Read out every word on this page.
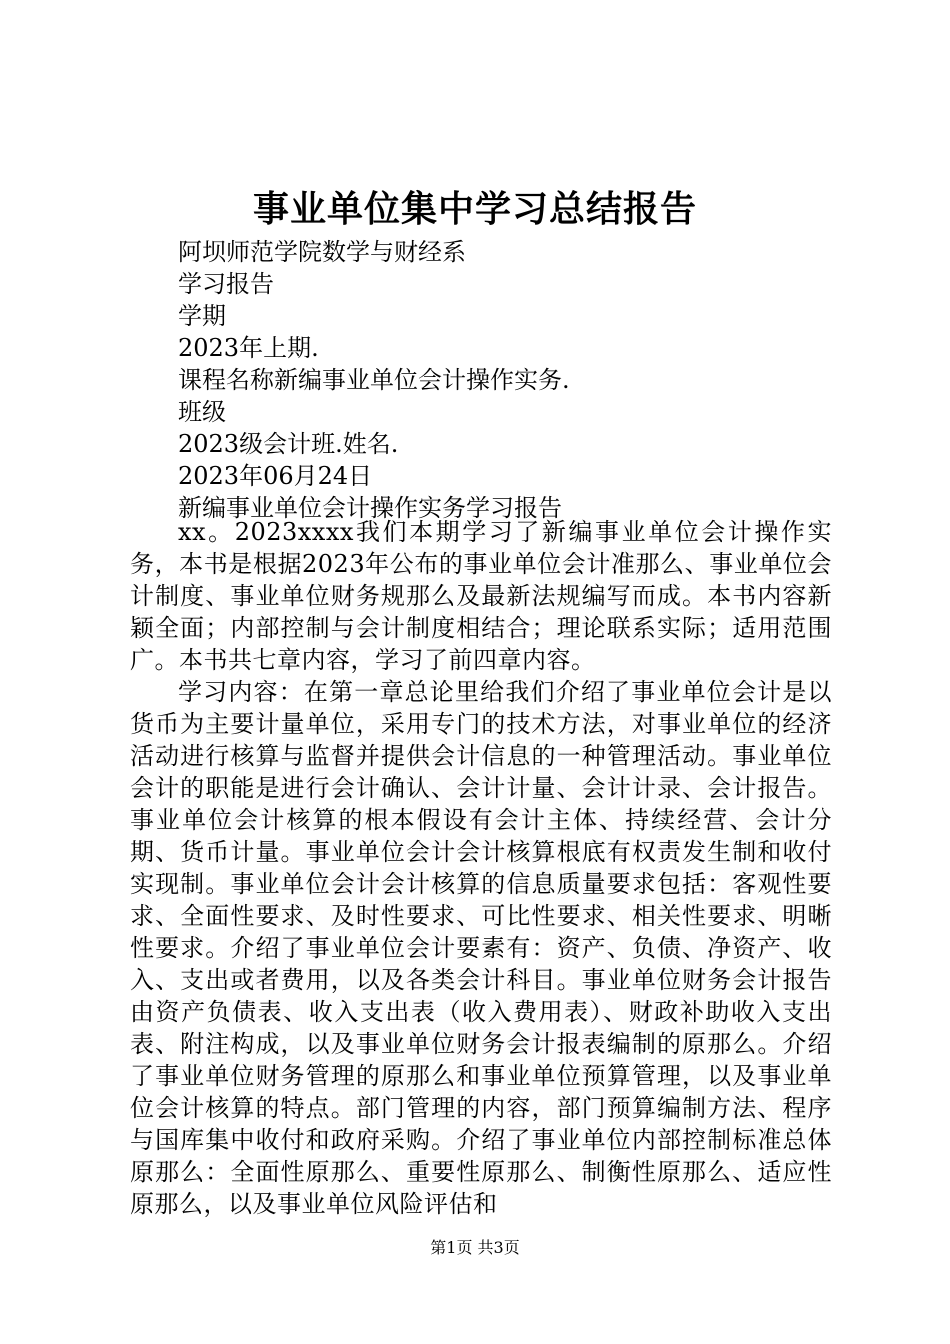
事业单位集中学习总结报告
阿坝师范学院数学与财经系
学习报告
学期
2023年上期.
课程名称新编事业单位会计操作实务.
班级
2023级会计班.姓名.
2023年06月24日
新编事业单位会计操作实务学习报告

xx。2023xxxx我们本期学习了新编事业单位会计操作实务，本书是根据2023年公布的事业单位会计准那么、事业单位会计制度、事业单位财务规那么及最新法规编写而成。本书内容新颖全面；内部控制与会计制度相结合；理论联系实际；适用范围广。本书共七章内容，学习了前四章内容。

学习内容：在第一章总论里给我们介绍了事业单位会计是以货币为主要计量单位，采用专门的技术方法，对事业单位的经济活动进行核算与监督并提供会计信息的一种管理活动。事业单位会计的职能是进行会计确认、会计计量、会计计录、会计报告。事业单位会计核算的根本假设有会计主体、持续经营、会计分期、货币计量。事业单位会计会计核算根底有权责发生制和收付实现制。事业单位会计会计核算的信息质量要求包括：客观性要求、全面性要求、及时性要求、可比性要求、相关性要求、明晰性要求。介绍了事业单位会计要素有：资产、负债、净资产、收入、支出或者费用，以及各类会计科目。事业单位财务会计报告由资产负债表、收入支出表（收入费用表）、财政补助收入支出表、附注构成，以及事业单位财务会计报表编制的原那么。介绍了事业单位财务管理的原那么和事业单位预算管理，以及事业单位会计核算的特点。部门管理的内容，部门预算编制方法、程序与国库集中收付和政府采购。介绍了事业单位内部控制标准总体原那么：全面性原那么、重要性原那么、制衡性原那么、适应性原那么，以及事业单位风险评估和

第1页 共3页
